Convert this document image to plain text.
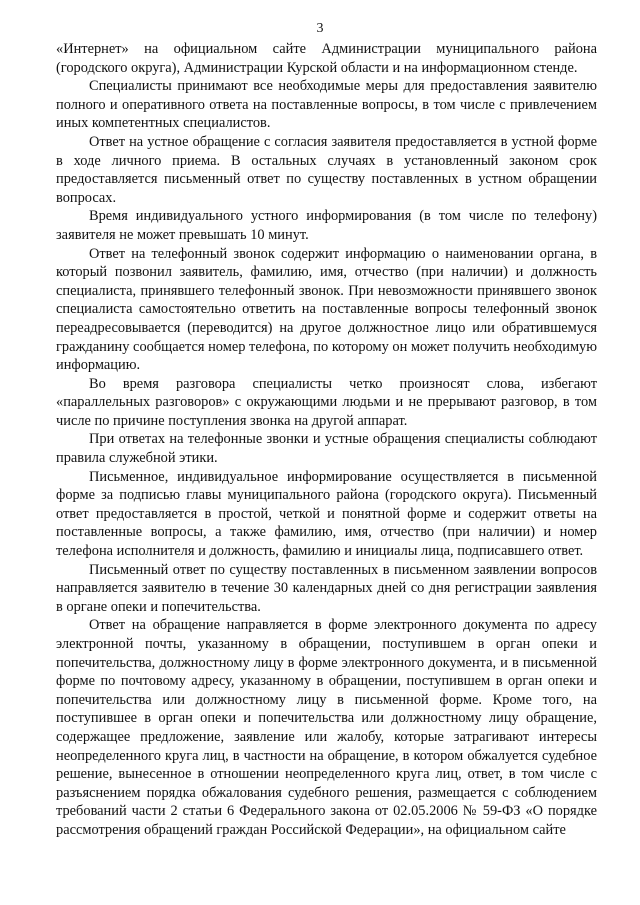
3

«Интернет» на официальном сайте Администрации муниципального района (городского округа), Администрации Курской области и на информационном стенде.

Специалисты принимают все необходимые меры для предоставления заявителю полного и оперативного ответа на поставленные вопросы, в том числе с привлечением иных компетентных специалистов.

Ответ на устное обращение с согласия заявителя предоставляется в устной форме в ходе личного приема. В остальных случаях в установленный законом срок предоставляется письменный ответ по существу поставленных в устном обращении вопросах.

Время индивидуального устного информирования (в том числе по телефону) заявителя не может превышать 10 минут.

Ответ на телефонный звонок содержит информацию о наименовании органа, в который позвонил заявитель, фамилию, имя, отчество (при наличии) и должность специалиста, принявшего телефонный звонок. При невозможности принявшего звонок специалиста самостоятельно ответить на поставленные вопросы телефонный звонок переадресовывается (переводится) на другое должностное лицо или обратившемуся гражданину сообщается номер телефона, по которому он может получить необходимую информацию.

Во время разговора специалисты четко произносят слова, избегают «параллельных разговоров» с окружающими людьми и не прерывают разговор, в том числе по причине поступления звонка на другой аппарат.

При ответах на телефонные звонки и устные обращения специалисты соблюдают правила служебной этики.

Письменное, индивидуальное информирование осуществляется в письменной форме за подписью главы муниципального района (городского округа). Письменный ответ предоставляется в простой, четкой и понятной форме и содержит ответы на поставленные вопросы, а также фамилию, имя, отчество (при наличии) и номер телефона исполнителя и должность, фамилию и инициалы лица, подписавшего ответ.

Письменный ответ по существу поставленных в письменном заявлении вопросов направляется заявителю в течение 30 календарных дней со дня регистрации заявления в органе опеки и попечительства.

Ответ на обращение направляется в форме электронного документа по адресу электронной почты, указанному в обращении, поступившем в орган опеки и попечительства, должностному лицу в форме электронного документа, и в письменной форме по почтовому адресу, указанному в обращении, поступившем в орган опеки и попечительства или должностному лицу в письменной форме. Кроме того, на поступившее в орган опеки и попечительства или должностному лицу обращение, содержащее предложение, заявление или жалобу, которые затрагивают интересы неопределенного круга лиц, в частности на обращение, в котором обжалуется судебное решение, вынесенное в отношении неопределенного круга лиц, ответ, в том числе с разъяснением порядка обжалования судебного решения, размещается с соблюдением требований части 2 статьи 6 Федерального закона от 02.05.2006 № 59-ФЗ «О порядке рассмотрения обращений граждан Российской Федерации», на официальном сайте
